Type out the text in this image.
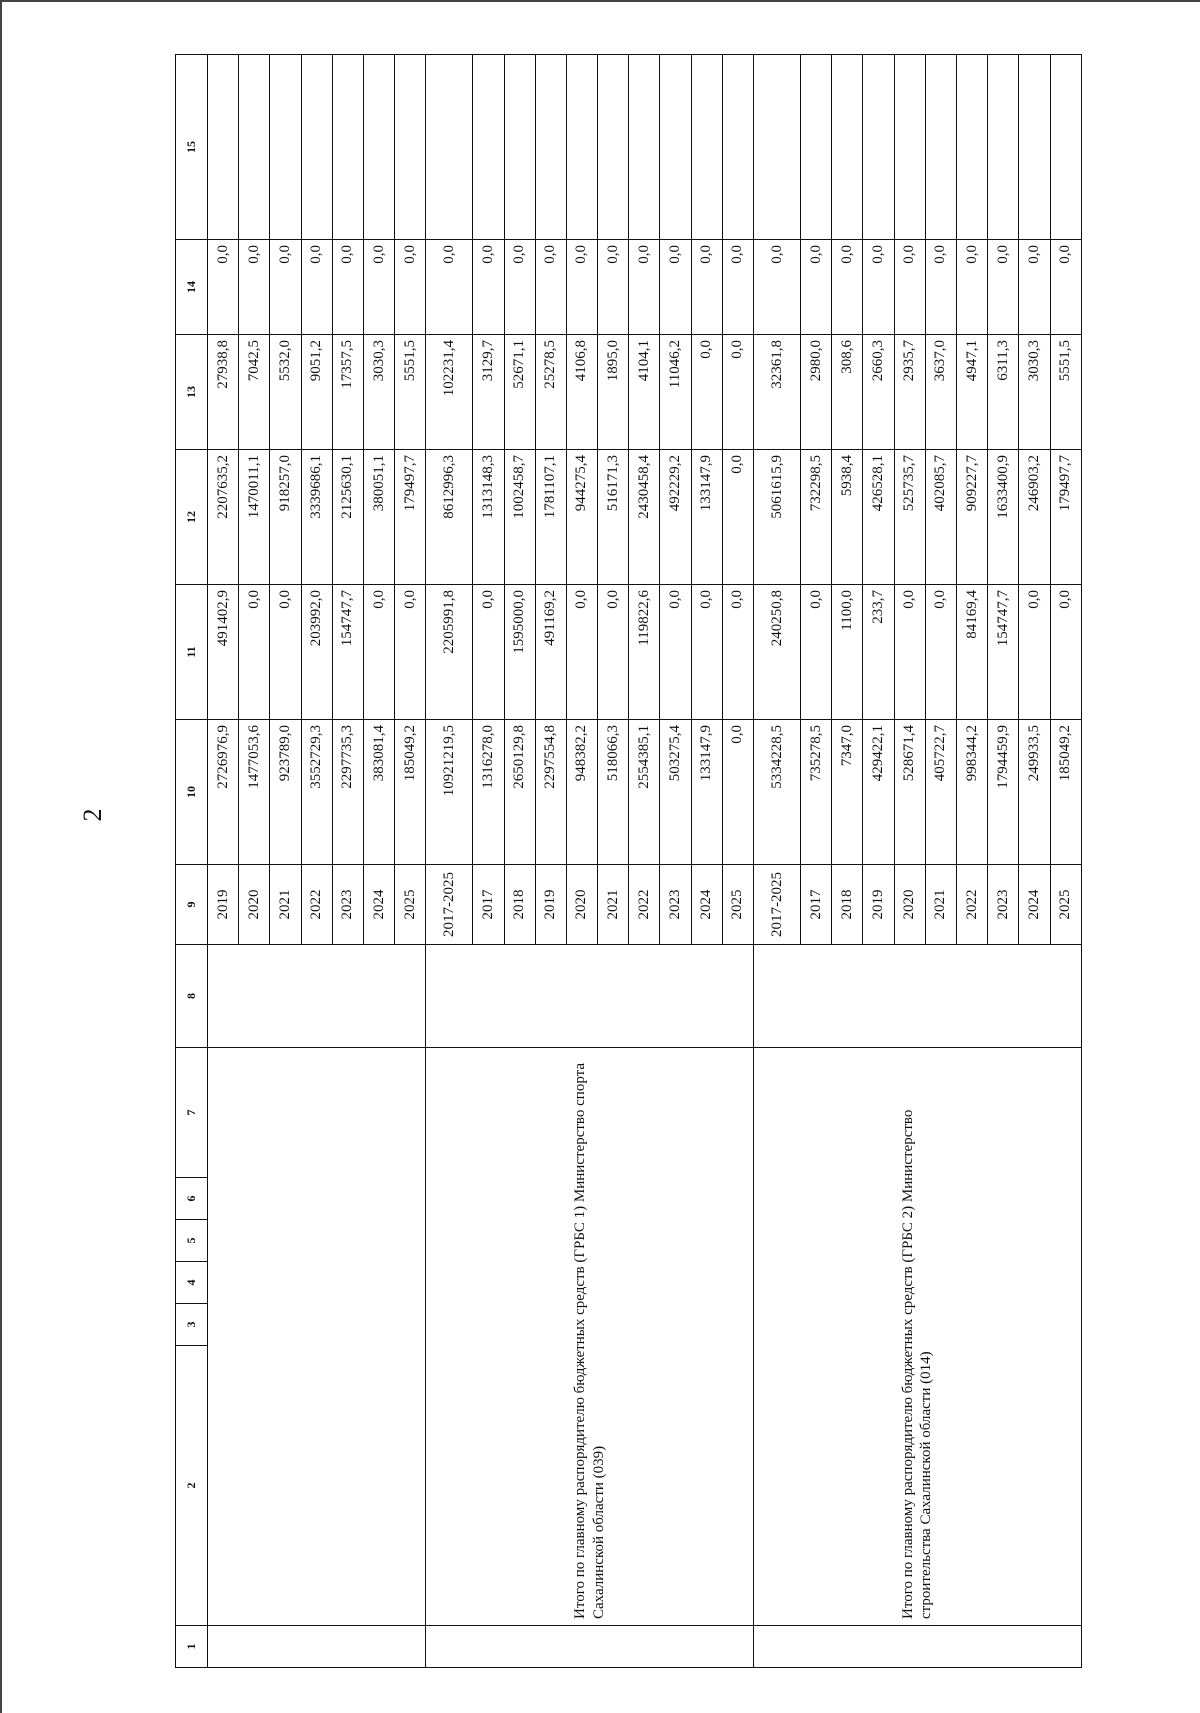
2
1	2	3	4	5	6	7	8	9	10	11	12	13	14	15
								2019	2726976,9	491402,9	2207635,2	27938,8	0,0	
								2020	1477053,6	0,0	1470011,1	7042,5	0,0	
								2021	923789,0	0,0	918257,0	5532,0	0,0	
								2022	3552729,3	203992,0	3339686,1	9051,2	0,0	
								2023	2297735,3	154747,7	2125630,1	17357,5	0,0	
								2024	383081,4	0,0	380051,1	3030,3	0,0	
								2025	185049,2	0,0	179497,7	5551,5	0,0	
	Итого по главному распорядителю бюджетных средств (ГРБС 1) Министерство спорта Сахалинской области (039)							2017-2025	10921219,5	2205991,8	8612996,3	102231,4	0,0	
								2017	1316278,0	0,0	1313148,3	3129,7	0,0	
								2018	2650129,8	1595000,0	1002458,7	52671,1	0,0	
								2019	2297554,8	491169,2	1781107,1	25278,5	0,0	
								2020	948382,2	0,0	944275,4	4106,8	0,0	
								2021	518066,3	0,0	516171,3	1895,0	0,0	
								2022	2554385,1	119822,6	2430458,4	4104,1	0,0	
								2023	503275,4	0,0	492229,2	11046,2	0,0	
								2024	133147,9	0,0	133147,9	0,0	0,0	
								2025	0,0	0,0	0,0	0,0	0,0	
	Итого по главному распорядителю бюджетных средств (ГРБС 2) Министерство строительства Сахалинской области (014)							2017-2025	5334228,5	240250,8	5061615,9	32361,8	0,0	
								2017	735278,5	0,0	732298,5	2980,0	0,0	
								2018	7347,0	1100,0	5938,4	308,6	0,0	
								2019	429422,1	233,7	426528,1	2660,3	0,0	
								2020	528671,4	0,0	525735,7	2935,7	0,0	
								2021	405722,7	0,0	402085,7	3637,0	0,0	
								2022	998344,2	84169,4	909227,7	4947,1	0,0	
								2023	1794459,9	154747,7	1633400,9	6311,3	0,0	
								2024	249933,5	0,0	246903,2	3030,3	0,0	
								2025	185049,2	0,0	179497,7	5551,5	0,0	
